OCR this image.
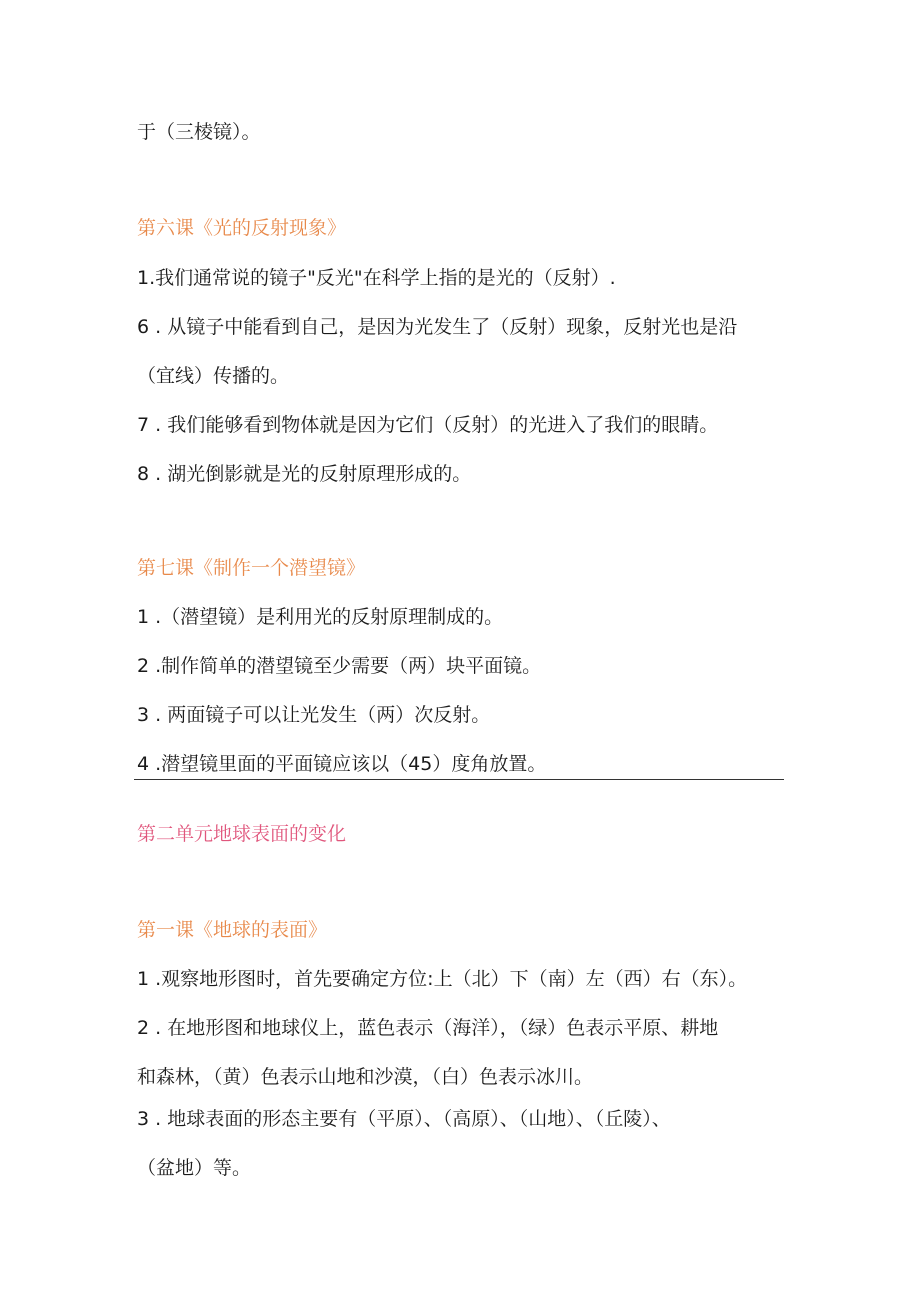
于（三棱镜）。
第六课《光的反射现象》
1.我们通常说的镜子"反光"在科学上指的是光的（反射）.
6 . 从镜子中能看到自己，是因为光发生了（反射）现象，反射光也是沿
（宜线）传播的。
7 . 我们能够看到物体就是因为它们（反射）的光进入了我们的眼睛。
8 . 湖光倒影就是光的反射原理形成的。
第七课《制作一个潜望镜》
1 .（潜望镜）是利用光的反射原理制成的。
2 .制作简单的潜望镜至少需要（两）块平面镜。
3 . 两面镜子可以让光发生（两）次反射。
4 .潜望镜里面的平面镜应该以（45）度角放置。
第二单元地球表面的变化
第一课《地球的表面》
1 .观察地形图时，首先要确定方位:上（北）下（南）左（西）右（东）。
2 . 在地形图和地球仪上，蓝色表示（海洋），（绿）色表示平原、耕地
和森林，（黄）色表示山地和沙漠，（白）色表示冰川。
3 . 地球表面的形态主要有（平原）、（高原）、（山地）、（丘陵）、
（盆地）等。
